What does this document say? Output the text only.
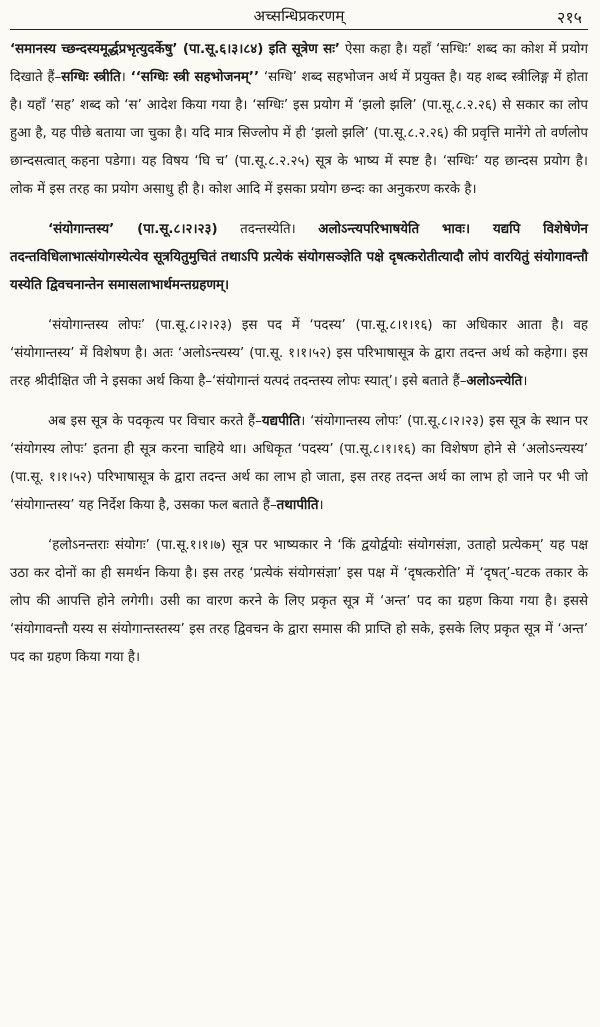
अच्सन्धिप्रकरणम्	२१५

‘समानस्य च्छन्दस्यमूर्द्धप्रभृत्युदर्केषु’ (पा.सू.६।३।८४) इति सूत्रेण सः’ ऐसा कहा है। यहाँ ‘सग्धिः’ शब्द का कोश में प्रयोग दिखाते हैं–सग्धिः स्त्रीति। ‘‘सग्धिः स्त्री सहभोजनम्’’ ‘सग्धि’ शब्द सहभोजन अर्थ में प्रयुक्त है। यह शब्द स्त्रीलिङ्ग में होता है। यहाँ ‘सह’ शब्द को ‘स’ आदेश किया गया है। ‘सग्धिः’ इस प्रयोग में ‘झलो झलि’ (पा.सू.८.२.२६) से सकार का लोप हुआ है, यह पीछे बताया जा चुका है। यदि मात्र सिज्लोप में ही ‘झलो झलि’ (पा.सू.८.२.२६) की प्रवृत्ति मानेंगे तो वर्णलोप छान्दसत्वात् कहना पडेगा। यह विषय ‘घि च’ (पा.सू.८.२.२५) सूत्र के भाष्य में स्पष्ट है। ‘सग्धिः’ यह छान्दस प्रयोग है। लोक में इस तरह का प्रयोग असाधु ही है। कोश आदि में इसका प्रयोग छन्दः का अनुकरण करके है।

‘संयोगान्तस्य’ (पा.सू.८।२।२३) तदन्तस्येति। अलोऽन्त्यपरिभाषयेति भावः। यद्यपि विशेषेणेन तदन्तविधिलाभात्संयोगस्येत्येव सूत्रयितुमुचितं तथाऽपि प्रत्येकं संयोगसञ्ज्ञेति पक्षे दृषत्करोतीत्यादौ लोपं वारयितुं संयोगावन्तौ यस्येति द्विवचनान्तेन समासलाभार्थमन्तग्रहणम्।

‘संयोगान्तस्य लोपः’ (पा.सू.८।२।२३) इस पद में ‘पदस्य’ (पा.सू.८।१।१६) का अधिकार आता है। वह ‘संयोगान्तस्य’ में विशेषण है। अतः ‘अलोऽन्त्यस्य’ (पा.सू. १।१।५२) इस परिभाषासूत्र के द्वारा तदन्त अर्थ को कहेगा। इस तरह श्रीदीक्षित जी ने इसका अर्थ किया है–‘संयोगान्तं यत्पदं तदन्तस्य लोपः स्यात्’। इसे बताते हैं–अलोऽन्त्येति।

अब इस सूत्र के पदकृत्य पर विचार करते हैं–यद्यपीति। ‘संयोगान्तस्य लोपः’ (पा.सू.८।२।२३) इस सूत्र के स्थान पर ‘संयोगस्य लोपः’ इतना ही सूत्र करना चाहिये था। अधिकृत ‘पदस्य’ (पा.सू.८।१।१६) का विशेषण होने से ‘अलोऽन्त्यस्य’ (पा.सू. १।१।५२) परिभाषासूत्र के द्वारा तदन्त अर्थ का लाभ हो जाता, इस तरह तदन्त अर्थ का लाभ हो जाने पर भी जो ‘संयोगान्तस्य’ यह निर्देश किया है, उसका फल बताते हैं–तथापीति।

‘हलोऽनन्तराः संयोगः’ (पा.सू.१।१।७) सूत्र पर भाष्यकार ने ‘किं द्वयोर्द्वयोः संयोगसंज्ञा, उताहो प्रत्येकम्’ यह पक्ष उठा कर दोनों का ही समर्थन किया है। इस तरह ‘प्रत्येकं संयोगसंज्ञा’ इस पक्ष में ‘दृषत्करोति’ में ‘दृषत्’-घटक तकार के लोप की आपत्ति होने लगेगी। उसी का वारण करने के लिए प्रकृत सूत्र में ‘अन्त’ पद का ग्रहण किया गया है। इससे ‘संयोगावन्तौ यस्य स संयोगान्तस्तस्य’ इस तरह द्विवचन के द्वारा समास की प्राप्ति हो सके, इसके लिए प्रकृत सूत्र में ‘अन्त’ पद का ग्रहण किया गया है।
